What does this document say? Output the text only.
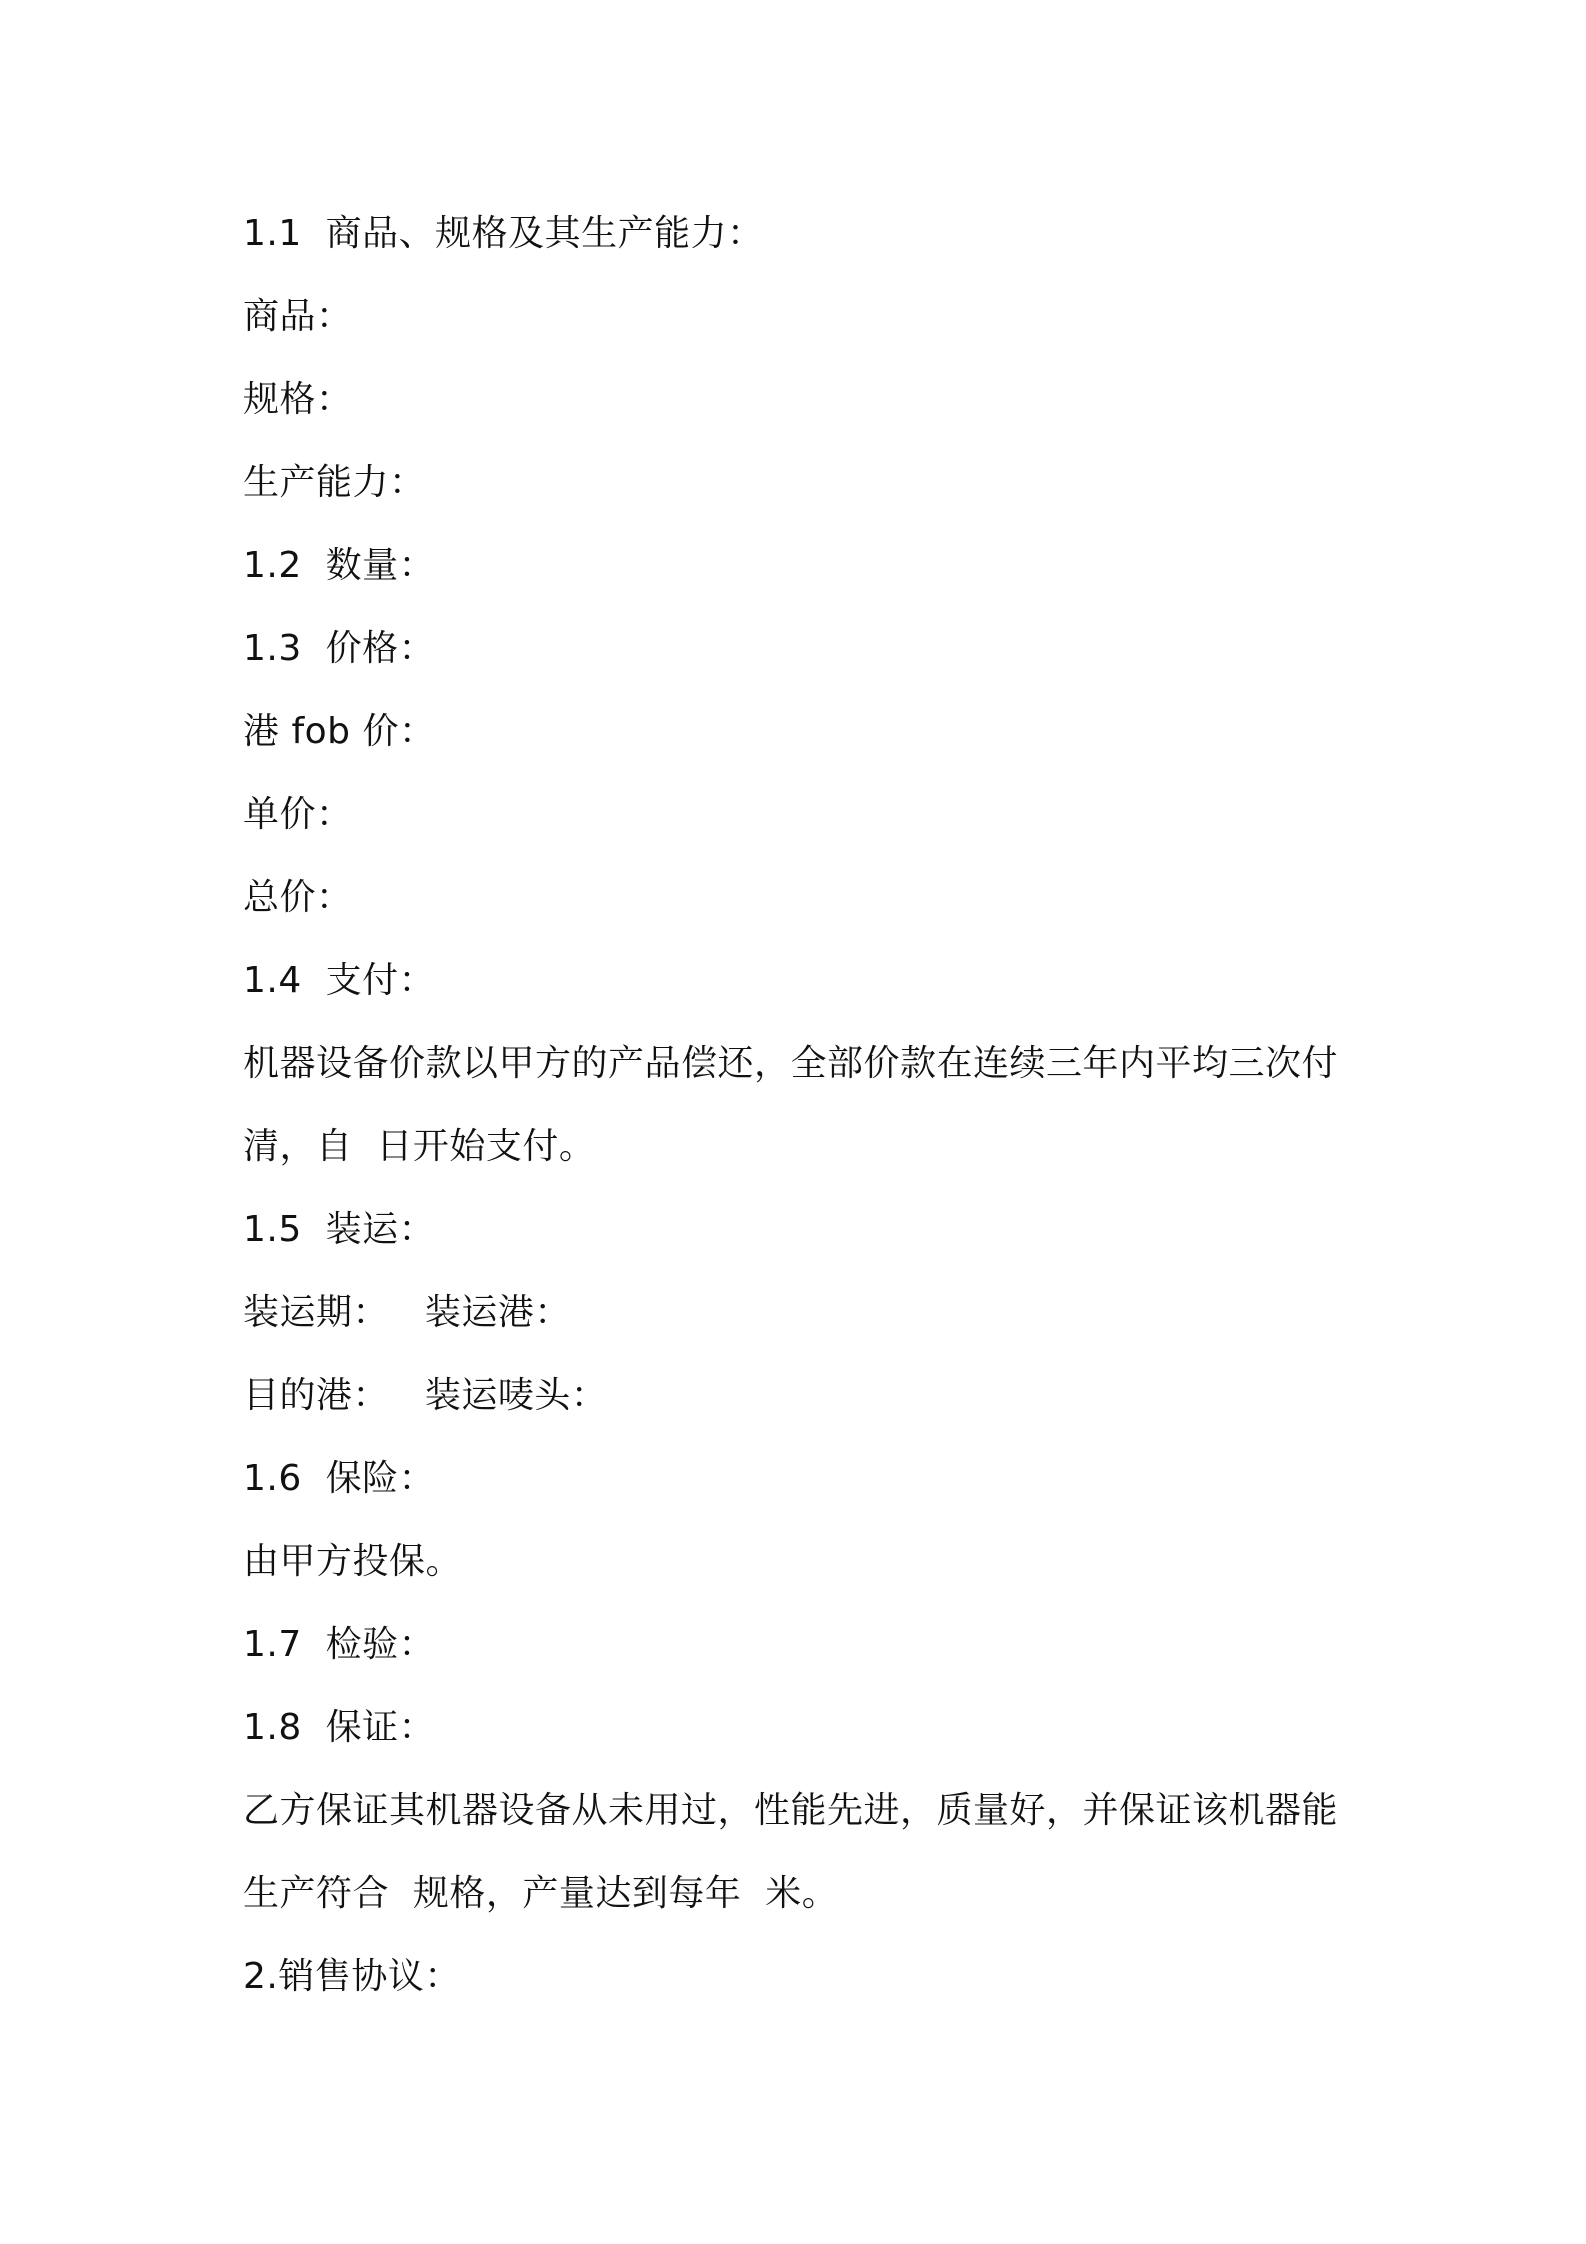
1.1  商品、规格及其生产能力：
商品：
规格：
生产能力：
1.2  数量：
1.3  价格：
港 fob 价：
单价：
总价：
1.4  支付：
机器设备价款以甲方的产品偿还，全部价款在连续三年内平均三次付
清，自  日开始支付。
1.5  装运：
装运期：   装运港：
目的港：   装运唛头：
1.6  保险：
由甲方投保。
1.7  检验：
1.8  保证：
乙方保证其机器设备从未用过，性能先进，质量好，并保证该机器能
生产符合  规格，产量达到每年  米。
2.销售协议：
